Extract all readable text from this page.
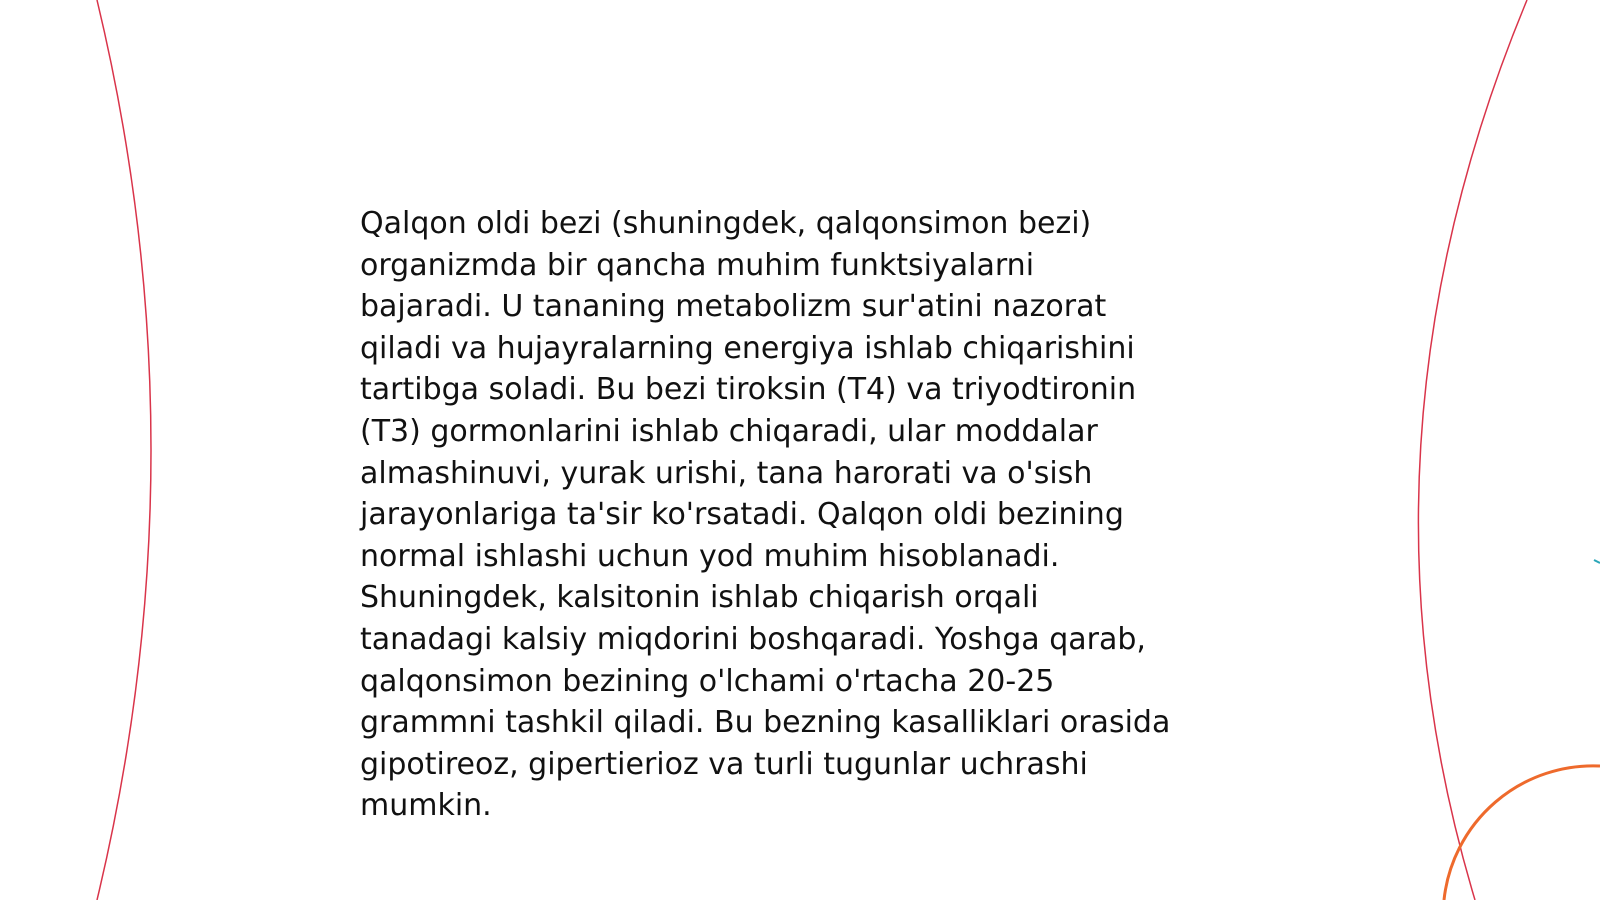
Qalqon oldi bezi (shuningdek, qalqonsimon bezi)
organizmda bir qancha muhim funktsiyalarni
bajaradi. U tananing metabolizm sur'atini nazorat
qiladi va hujayralarning energiya ishlab chiqarishini
tartibga soladi. Bu bezi tiroksin (T4) va triyodtironin
(T3) gormonlarini ishlab chiqaradi, ular moddalar
almashinuvi, yurak urishi, tana harorati va o'sish
jarayonlariga ta'sir ko'rsatadi. Qalqon oldi bezining
normal ishlashi uchun yod muhim hisoblanadi.
Shuningdek, kalsitonin ishlab chiqarish orqali
tanadagi kalsiy miqdorini boshqaradi. Yoshga qarab,
qalqonsimon bezining o'lchami o'rtacha 20-25
grammni tashkil qiladi. Bu bezning kasalliklari orasida
gipotireoz, gipertierioz va turli tugunlar uchrashi
mumkin.
